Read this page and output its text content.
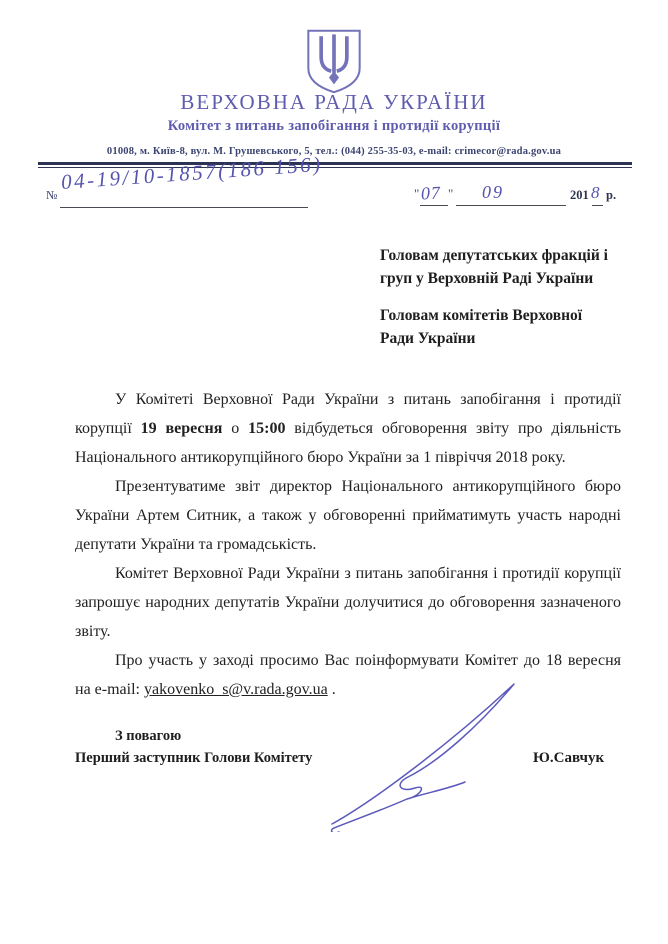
ВЕРХОВНА РАДА УКРАЇНИ
Комітет з питань запобігання і протидії корупції
01008, м. Київ-8, вул. М. Грушевського, 5, тел.: (044) 255-35-03, e-mail: crimecor@rada.gov.ua
№
04-19/10-1857(186 156)	" 07 " 09	201 8 р.
Головам депутатських фракцій і
груп у Верховній Раді України
Головам комітетів Верховної
Ради України

У Комітеті Верховної Ради України з питань запобігання і протидії корупції 19 вересня о 15:00 відбудеться обговорення звіту про діяльність Національного антикорупційного бюро України за 1 півріччя 2018 року.

Презентуватиме звіт директор Національного антикорупційного бюро України Артем Ситник, а також у обговоренні прийматимуть участь народні депутати України та громадськість.

Комітет Верховної Ради України з питань запобігання і протидії корупції запрошує народних депутатів України долучитися до обговорення зазначеного звіту.

Про участь у заході просимо Вас поінформувати Комітет до 18 вересня на e-mail: yakovenko_s@v.rada.gov.ua .

З повагою
Перший заступник Голови Комітету	Ю.Савчук
